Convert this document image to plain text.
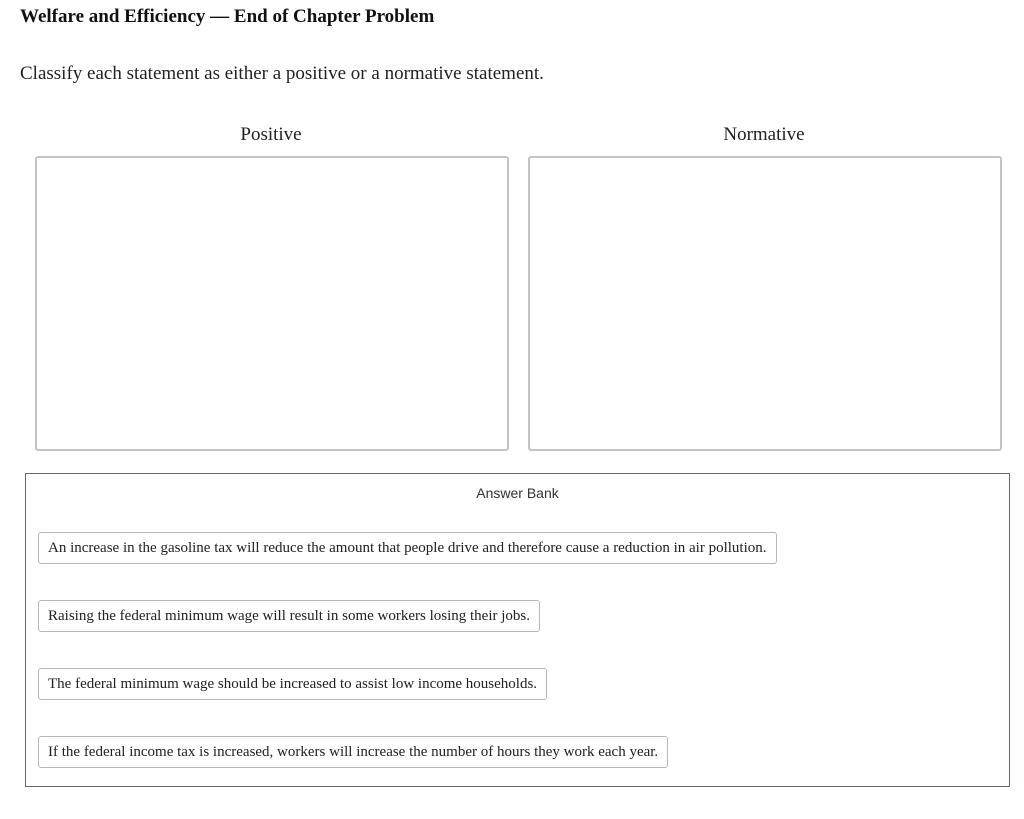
Welfare and Efficiency — End of Chapter Problem
Classify each statement as either a positive or a normative statement.
Positive	Normative
Answer Bank
An increase in the gasoline tax will reduce the amount that people drive and therefore cause a reduction in air pollution.
Raising the federal minimum wage will result in some workers losing their jobs.
The federal minimum wage should be increased to assist low income households.
If the federal income tax is increased, workers will increase the number of hours they work each year.
